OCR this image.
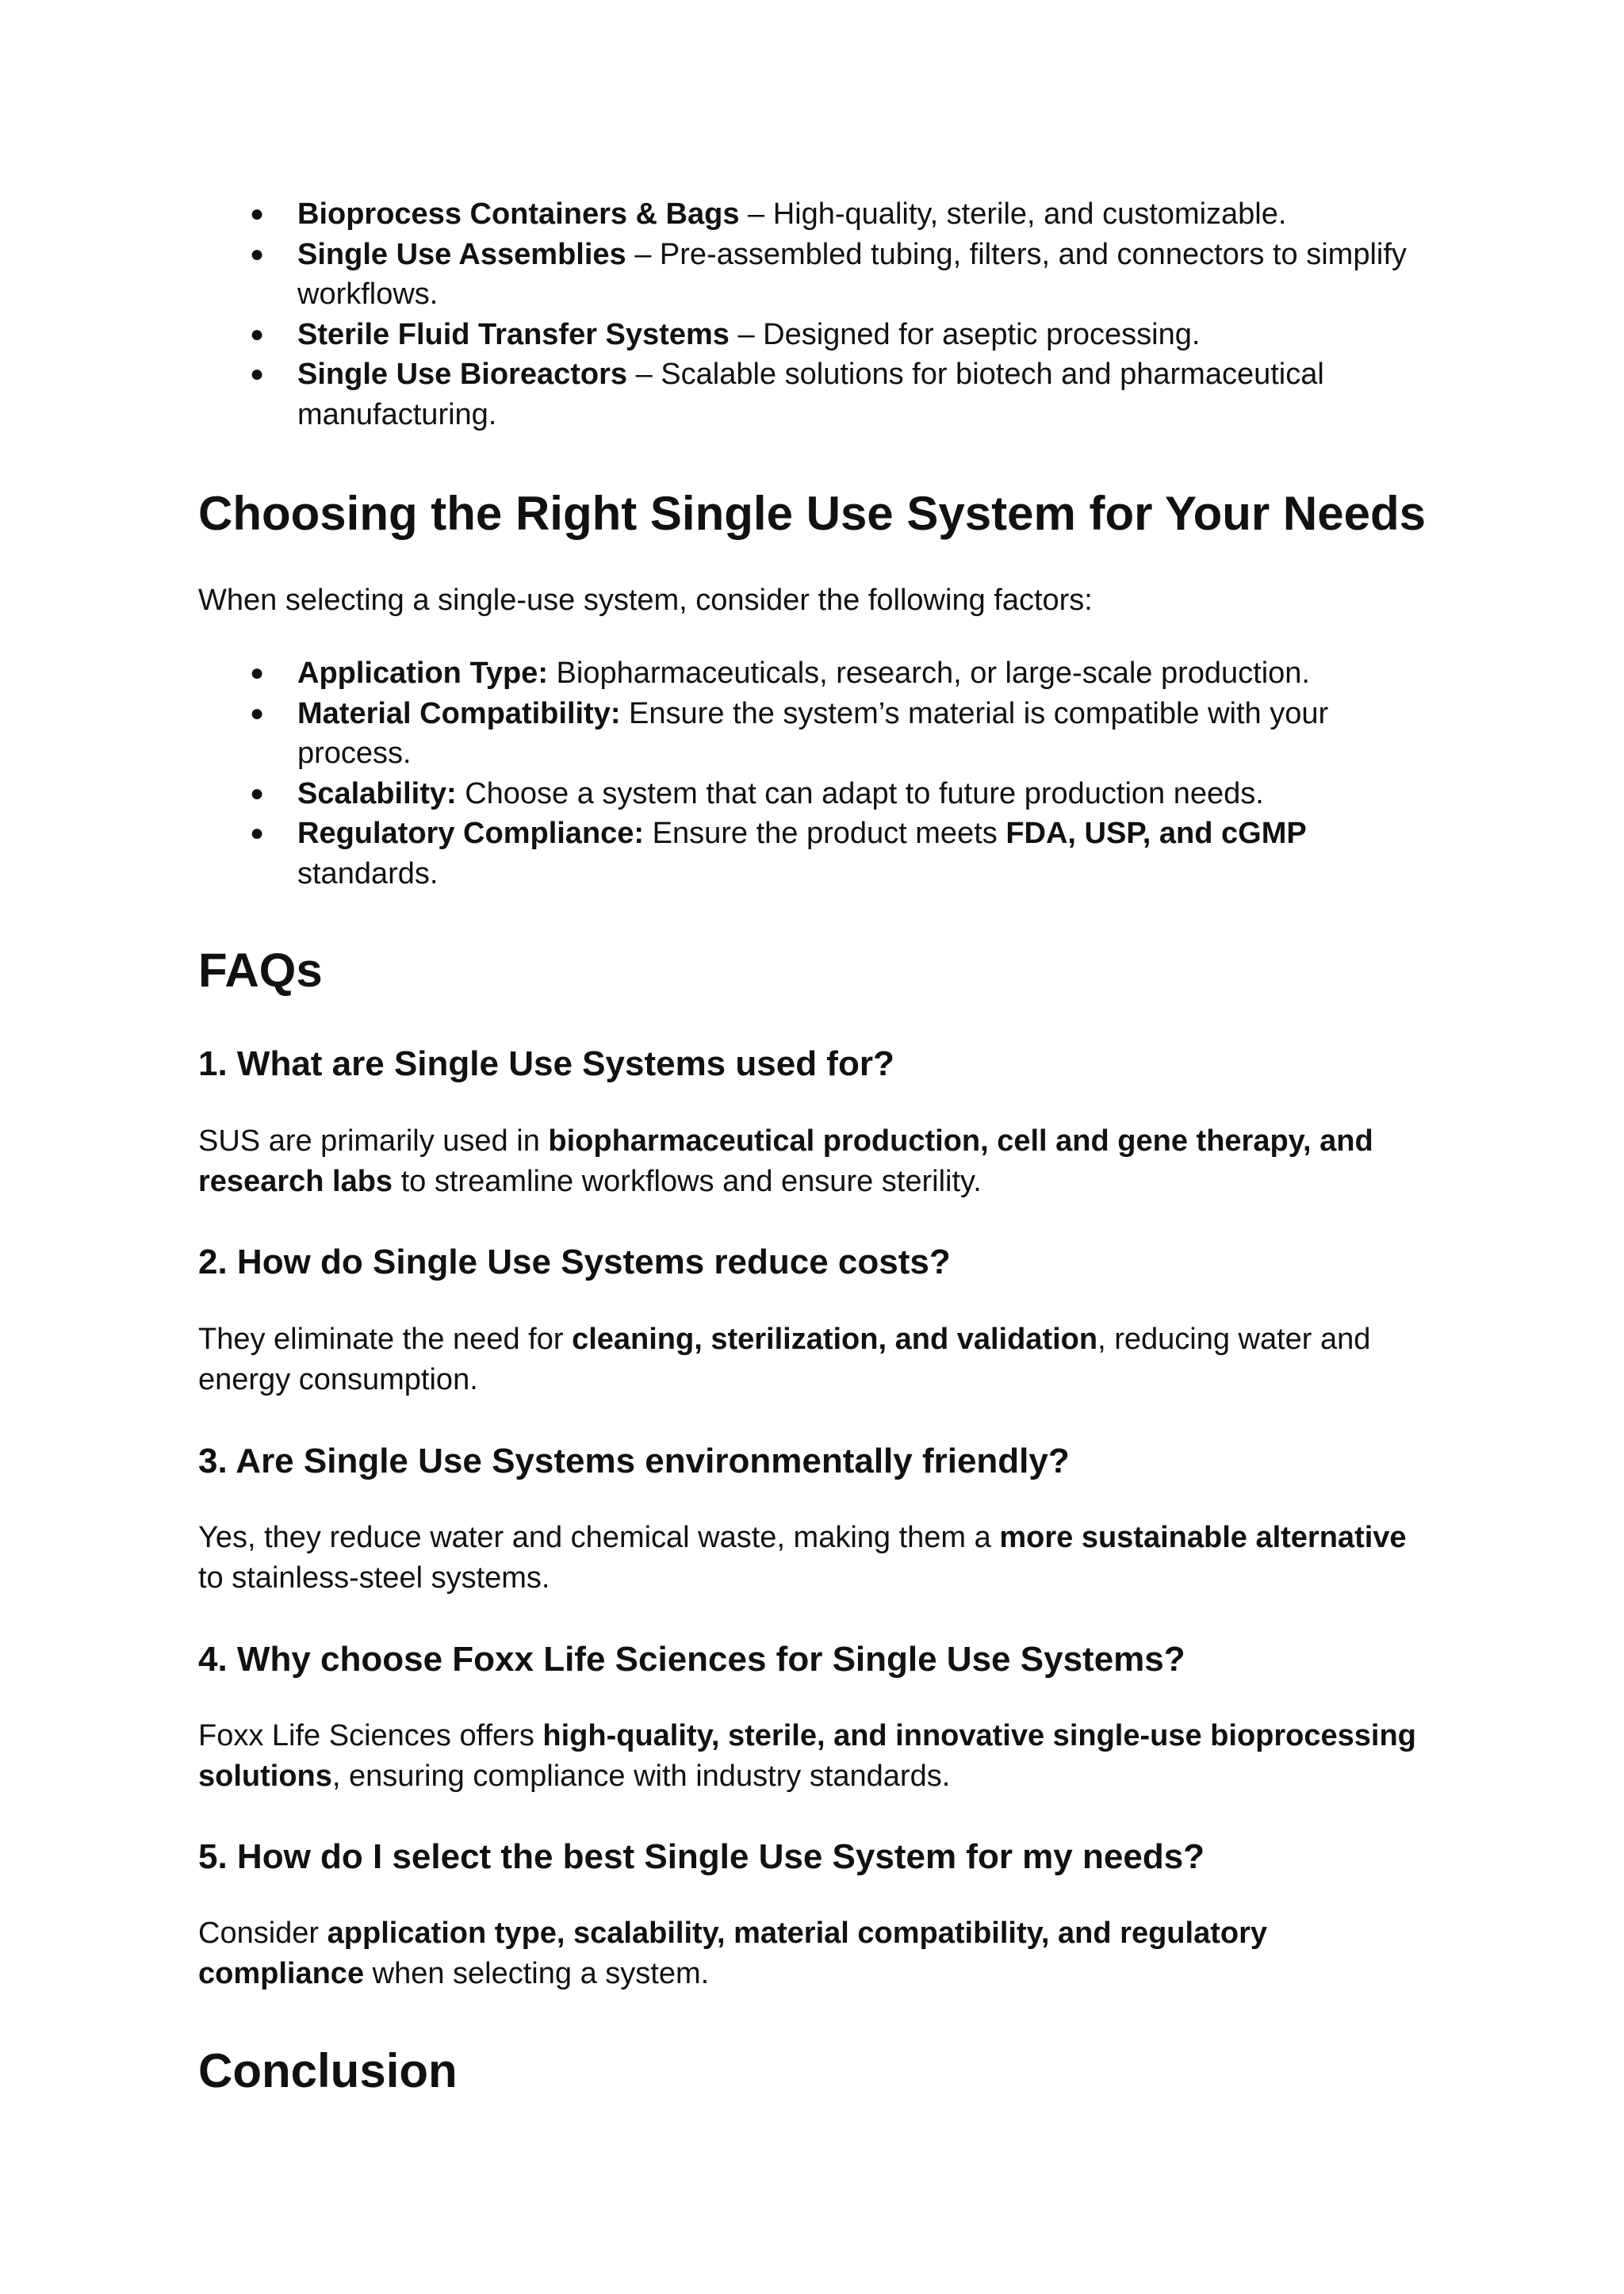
● Bioprocess Containers & Bags – High-quality, sterile, and customizable.
● Single Use Assemblies – Pre-assembled tubing, filters, and connectors to simplify workflows.
● Sterile Fluid Transfer Systems – Designed for aseptic processing.
● Single Use Bioreactors – Scalable solutions for biotech and pharmaceutical manufacturing.
Choosing the Right Single Use System for Your Needs

When selecting a single-use system, consider the following factors:

● Application Type: Biopharmaceuticals, research, or large-scale production.
● Material Compatibility: Ensure the system’s material is compatible with your process.
● Scalability: Choose a system that can adapt to future production needs.
● Regulatory Compliance: Ensure the product meets FDA, USP, and cGMP standards.
FAQs
1. What are Single Use Systems used for?

SUS are primarily used in biopharmaceutical production, cell and gene therapy, and research labs to streamline workflows and ensure sterility.

2. How do Single Use Systems reduce costs?

They eliminate the need for cleaning, sterilization, and validation, reducing water and energy consumption.

3. Are Single Use Systems environmentally friendly?

Yes, they reduce water and chemical waste, making them a more sustainable alternative to stainless-steel systems.

4. Why choose Foxx Life Sciences for Single Use Systems?

Foxx Life Sciences offers high-quality, sterile, and innovative single-use bioprocessing solutions, ensuring compliance with industry standards.

5. How do I select the best Single Use System for my needs?

Consider application type, scalability, material compatibility, and regulatory compliance when selecting a system.

Conclusion
